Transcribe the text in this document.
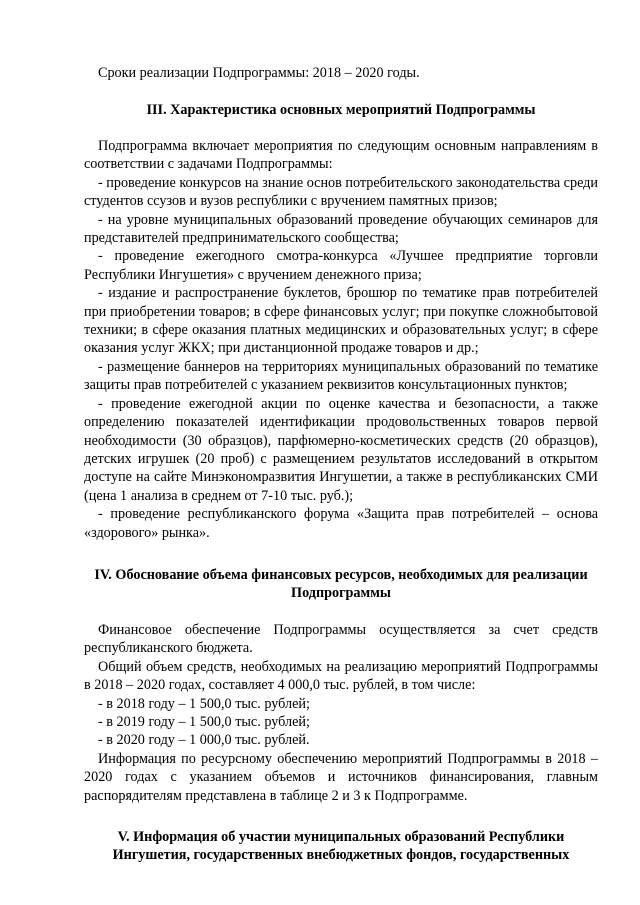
Сроки реализации Подпрограммы: 2018 – 2020 годы.

III. Характеристика основных мероприятий Подпрограммы

Подпрограмма включает мероприятия по следующим основным направлениям в соответствии с задачами Подпрограммы:

- проведение конкурсов на знание основ потребительского законодательства среди студентов ссузов и вузов республики с вручением памятных призов;

- на уровне муниципальных образований проведение обучающих семинаров для представителей предпринимательского сообщества;

- проведение ежегодного смотра-конкурса «Лучшее предприятие торговли Республики Ингушетия» с вручением денежного приза;

- издание и распространение буклетов, брошюр по тематике прав потребителей при приобретении товаров; в сфере финансовых услуг; при покупке сложнобытовой техники; в сфере оказания платных медицинских и образовательных услуг; в сфере оказания услуг ЖКХ; при дистанционной продаже товаров и др.;

- размещение баннеров на территориях муниципальных образований по тематике защиты прав потребителей с указанием реквизитов консультационных пунктов;

- проведение ежегодной акции по оценке качества и безопасности, а также определению показателей идентификации продовольственных товаров первой необходимости (30 образцов), парфюмерно-косметических средств (20 образцов), детских игрушек (20 проб) с размещением результатов исследований в открытом доступе на сайте Минэкономразвития Ингушетии, а также в республиканских СМИ (цена 1 анализа в среднем от 7-10 тыс. руб.);

- проведение республиканского форума «Защита прав потребителей – основа «здорового» рынка».

IV. Обоснование объема финансовых ресурсов, необходимых для реализации Подпрограммы

Финансовое обеспечение Подпрограммы осуществляется за счет средств республиканского бюджета.

Общий объем средств, необходимых на реализацию мероприятий Подпрограммы в 2018 – 2020 годах, составляет 4 000,0 тыс. рублей, в том числе:

- в 2018 году – 1 500,0 тыс. рублей;

- в 2019 году – 1 500,0 тыс. рублей;

- в 2020 году – 1 000,0 тыс. рублей.

Информация по ресурсному обеспечению мероприятий Подпрограммы в 2018 – 2020 годах с указанием объемов и источников финансирования, главным распорядителям представлена в таблице 2 и 3 к Подпрограмме.

V. Информация об участии муниципальных образований Республики Ингушетия, государственных внебюджетных фондов, государственных
